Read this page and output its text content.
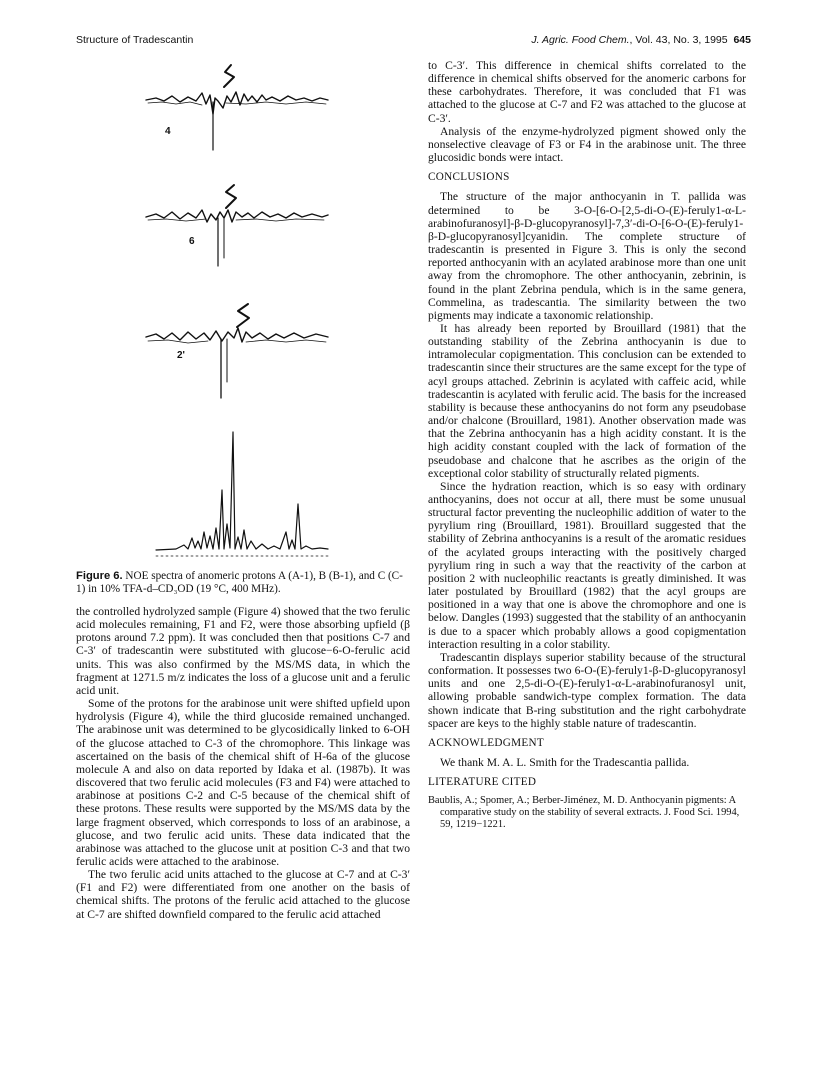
Structure of Tradescantin	J. Agric. Food Chem., Vol. 43, No. 3, 1995 645
4
6
2'
Figure 6. NOE spectra of anomeric protons A (A-1), B (B-1), and C (C-1) in 10% TFA-d–CD₃OD (19 °C, 400 MHz).

the controlled hydrolyzed sample (Figure 4) showed that the two ferulic acid molecules remaining, F1 and F2, were those absorbing upfield (β protons around 7.2 ppm). It was concluded then that positions C-7 and C-3′ of tradescantin were substituted with glucose−6-O-ferulic acid units. This was also confirmed by the MS/MS data, in which the fragment at 1271.5 m/z indicates the loss of a glucose unit and a ferulic acid unit.

Some of the protons for the arabinose unit were shifted upfield upon hydrolysis (Figure 4), while the third glucoside remained unchanged. The arabinose unit was determined to be glycosidically linked to 6-OH of the glucose attached to C-3 of the chromophore. This linkage was ascertained on the basis of the chemical shift of H-6a of the glucose molecule A and also on data reported by Idaka et al. (1987b). It was discovered that two ferulic acid molecules (F3 and F4) were attached to arabinose at positions C-2 and C-5 because of the chemical shift of these protons. These results were supported by the MS/MS data by the large fragment observed, which corresponds to loss of an arabinose, a glucose, and two ferulic acid units. These data indicated that the arabinose was attached to the glucose unit at position C-3 and that two ferulic acids were attached to the arabinose.

The two ferulic acid units attached to the glucose at C-7 and at C-3′ (F1 and F2) were differentiated from one another on the basis of chemical shifts. The protons of the ferulic acid attached to the glucose at C-7 are shifted downfield compared to the ferulic acid attached

to C-3′. This difference in chemical shifts correlated to the difference in chemical shifts observed for the anomeric carbons for these carbohydrates. Therefore, it was concluded that F1 was attached to the glucose at C-7 and F2 was attached to the glucose at C-3′.

Analysis of the enzyme-hydrolyzed pigment showed only the nonselective cleavage of F3 or F4 in the arabinose unit. The three glucosidic bonds were intact.

CONCLUSIONS

The structure of the major anthocyanin in T. pallida was determined to be 3-O-[6-O-[2,5-di-O-(E)-feruly1-α-L-arabinofuranosyl]-β-D-glucopyranosyl]-7,3′-di-O-[6-O-(E)-feruly1-β-D-glucopyranosyl]cyanidin. The complete structure of tradescantin is presented in Figure 3. This is only the second reported anthocyanin with an acylated arabinose more than one unit away from the chromophore. The other anthocyanin, zebrinin, is found in the plant Zebrina pendula, which is in the same genera, Commelina, as tradescantia. The similarity between the two pigments may indicate a taxonomic relationship.

It has already been reported by Brouillard (1981) that the outstanding stability of the Zebrina anthocyanin is due to intramolecular copigmentation. This conclusion can be extended to tradescantin since their structures are the same except for the type of acyl groups attached. Zebrinin is acylated with caffeic acid, while tradescantin is acylated with ferulic acid. The basis for the increased stability is because these anthocyanins do not form any pseudobase and/or chalcone (Brouillard, 1981). Another observation made was that the Zebrina anthocyanin has a high acidity constant. It is the high acidity constant coupled with the lack of formation of the pseudobase and chalcone that he ascribes as the origin of the exceptional color stability of structurally related pigments.

Since the hydration reaction, which is so easy with ordinary anthocyanins, does not occur at all, there must be some unusual structural factor preventing the nucleophilic addition of water to the pyrylium ring (Brouillard, 1981). Brouillard suggested that the stability of Zebrina anthocyanins is a result of the aromatic residues of the acylated groups interacting with the positively charged pyrylium ring in such a way that the reactivity of the carbon at position 2 with nucleophilic reactants is greatly diminished. It was later postulated by Brouillard (1982) that the acyl groups are positioned in a way that one is above the chromophore and one is below. Dangles (1993) suggested that the stability of an anthocyanin is due to a spacer which probably allows a good copigmentation interaction resulting in a color stability.

Tradescantin displays superior stability because of the structural conformation. It possesses two 6-O-(E)-feruly1-β-D-glucopyranosyl units and one 2,5-di-O-(E)-feruly1-α-L-arabinofuranosyl unit, allowing probable sandwich-type complex formation. The data shown indicate that B-ring substitution and the right carbohydrate spacer are keys to the highly stable nature of tradescantin.

ACKNOWLEDGMENT

We thank M. A. L. Smith for the Tradescantia pallida.

LITERATURE CITED

Baublis, A.; Spomer, A.; Berber-Jiménez, M. D. Anthocyanin pigments: A comparative study on the stability of several extracts. J. Food Sci. 1994, 59, 1219−1221.
